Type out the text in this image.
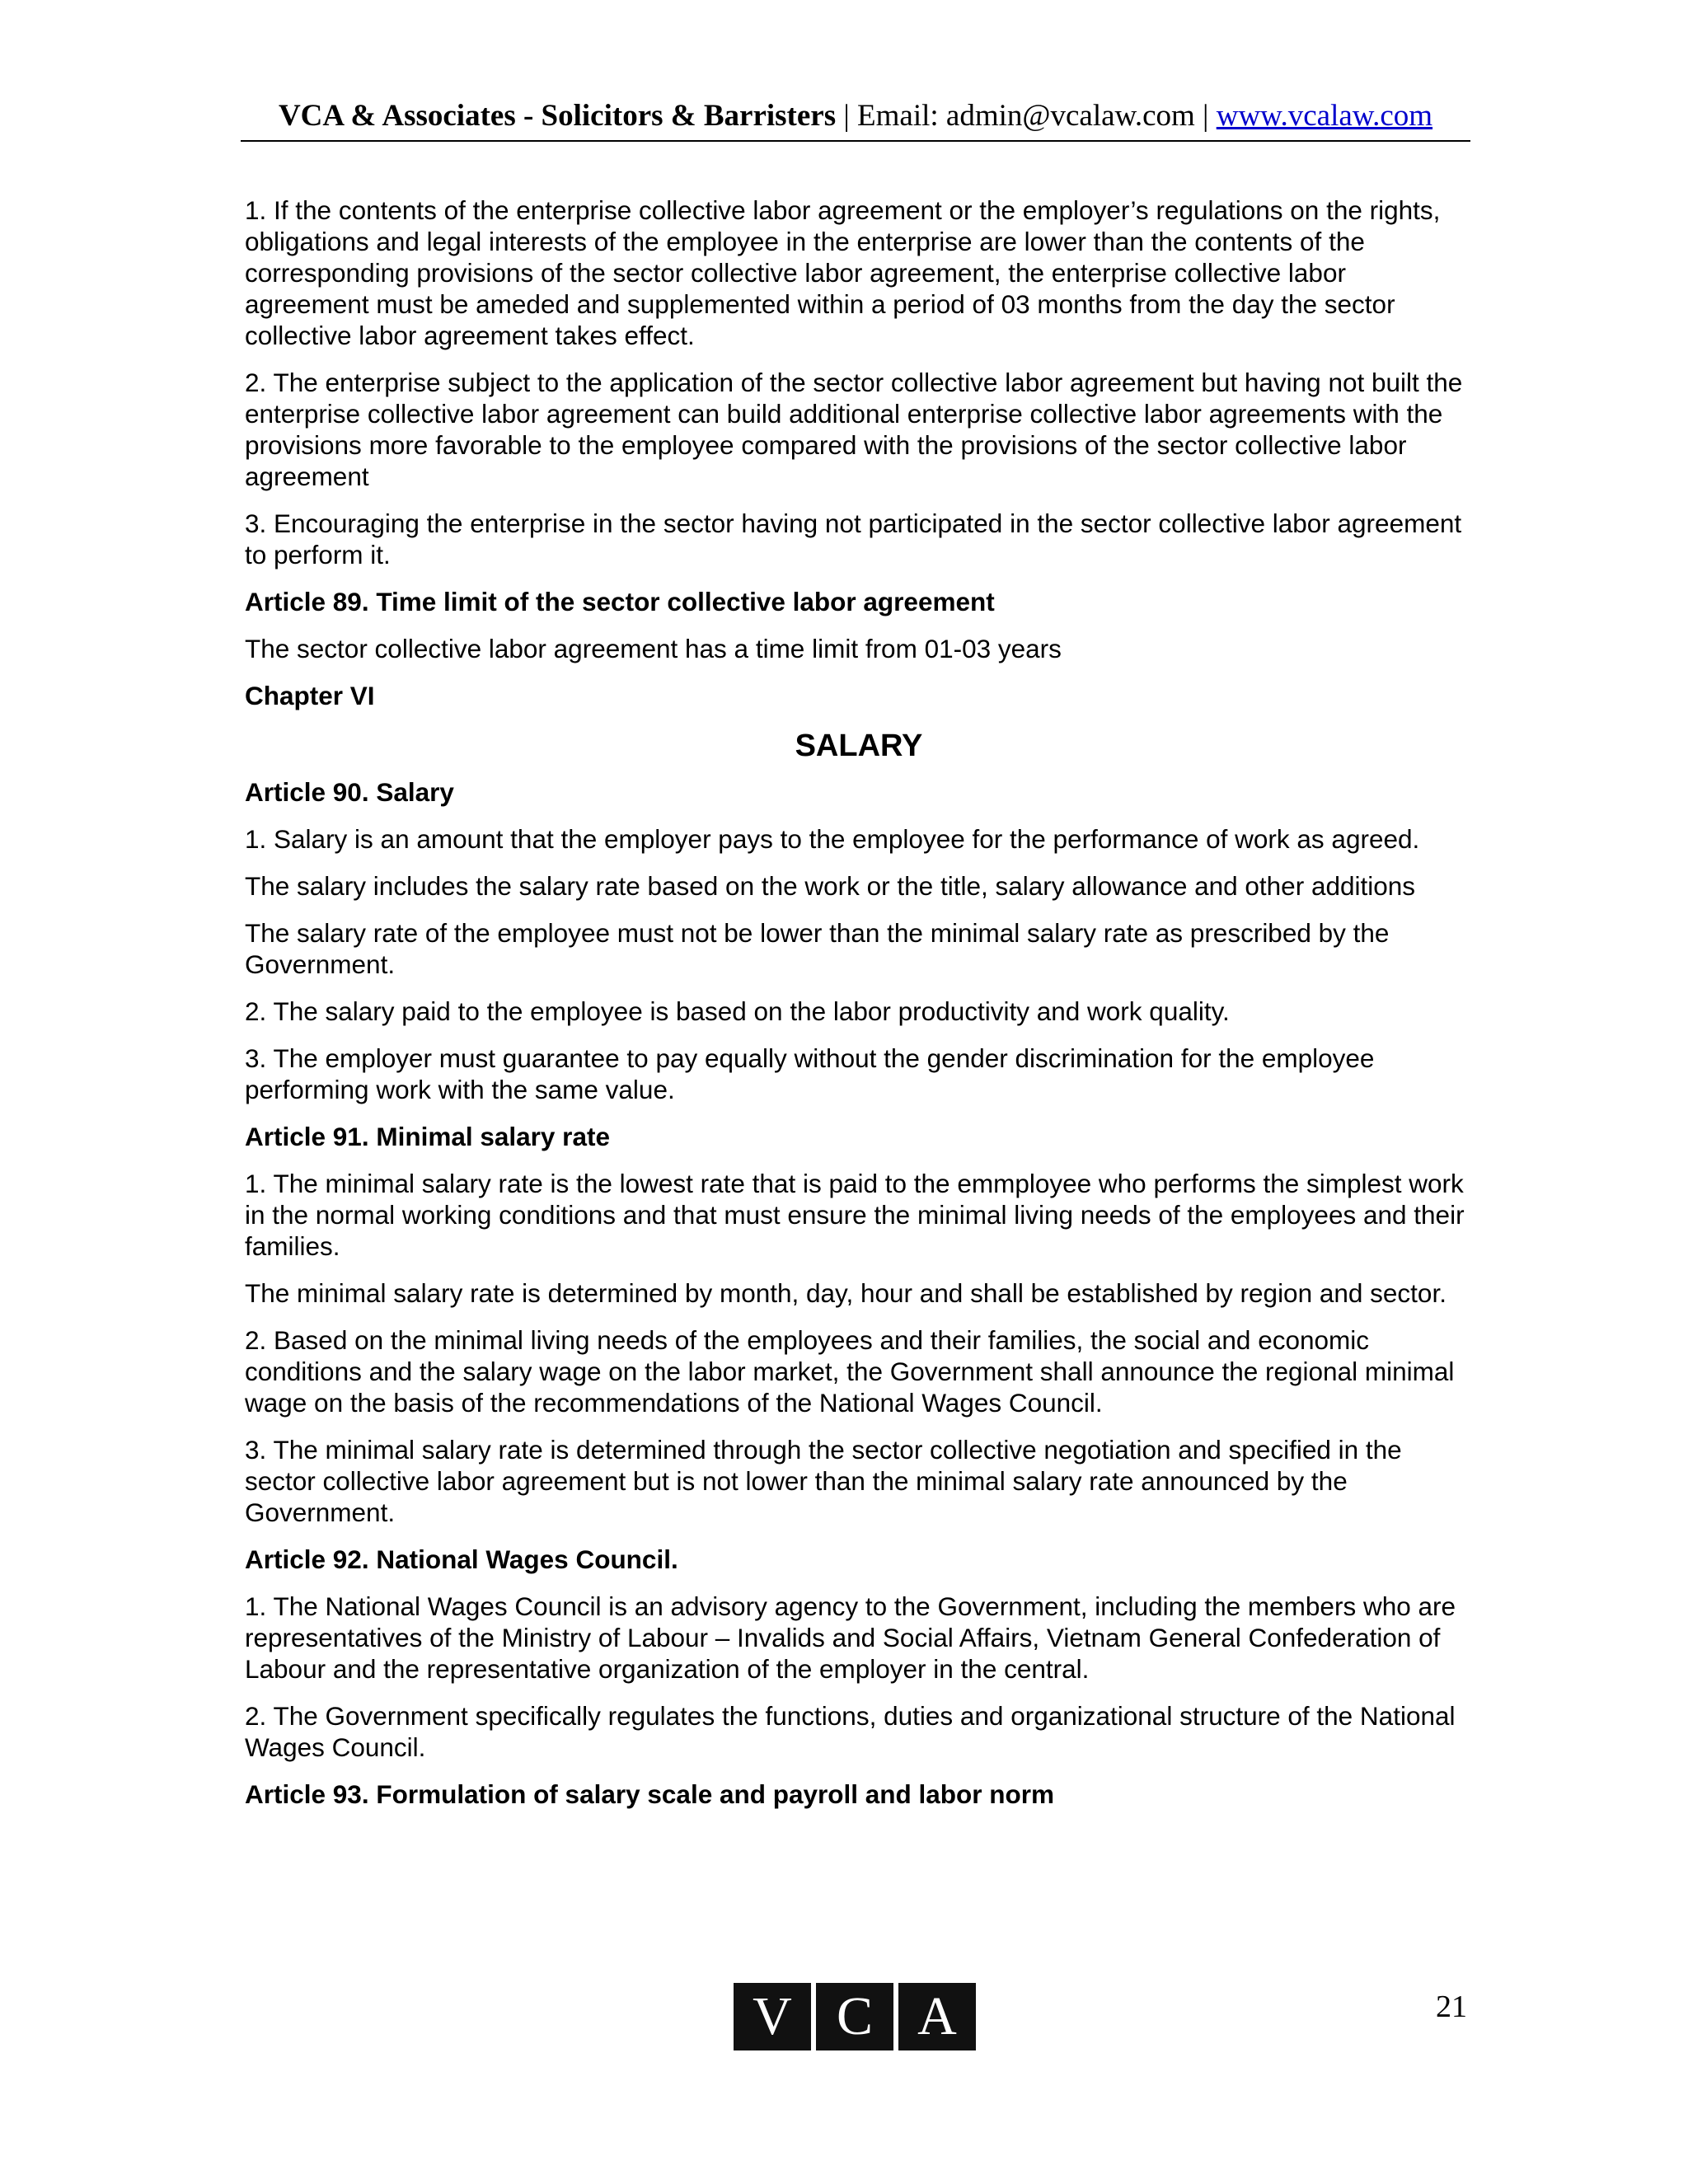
VCA & Associates - Solicitors & Barristers | Email: admin@vcalaw.com | www.vcalaw.com

1. If the contents of the enterprise collective labor agreement or the employer’s regulations on the rights, obligations and legal interests of the employee in the enterprise are lower than the contents of the corresponding provisions of the sector collective labor agreement, the enterprise collective labor agreement must be ameded and supplemented within a period of 03 months from the day the sector collective labor agreement takes effect.

2. The enterprise subject to the application of the sector collective labor agreement but having not built the enterprise collective labor agreement can build additional enterprise collective labor agreements with the provisions more favorable to the employee compared with the provisions of the sector collective labor agreement

3. Encouraging the enterprise in the sector having not participated in the sector collective labor agreement to perform it.

Article 89. Time limit of the sector collective labor agreement

The sector collective labor agreement has a time limit from 01-03 years

Chapter VI

SALARY

Article 90. Salary

1. Salary is an amount that the employer pays to the employee for the performance of work as agreed.

The salary includes the salary rate based on the work or the title, salary allowance and other additions

The salary rate of the employee must not be lower than the minimal salary rate as prescribed by the Government.

2. The salary paid to the employee is based on the labor productivity and work quality.

3. The employer must guarantee to pay equally without the gender discrimination for the employee performing work with the same value.

Article 91. Minimal salary rate

1. The minimal salary rate is the lowest rate that is paid to the emmployee who performs the simplest work in the normal working conditions and that must ensure the minimal living needs of the employees and their families.

The minimal salary rate is determined by month, day, hour and shall be established by region and sector.

2. Based on the minimal living needs of the employees and their families, the social and economic conditions and the salary wage on the labor market, the Government shall announce the regional minimal wage on the basis of the recommendations of the National Wages Council.

3. The minimal salary rate is determined through the sector collective negotiation and specified in the sector collective labor agreement but is not lower than the minimal salary rate announced by the Government.

Article 92. National Wages Council.

1. The National Wages Council is an advisory agency to the Government, including the members who are representatives of the Ministry of Labour – Invalids and Social Affairs, Vietnam General Confederation of Labour and the representative organization of the employer in the central.

2. The Government specifically regulates the functions, duties and organizational structure of the National Wages Council.

Article 93. Formulation of salary scale and payroll and labor norm

V C A	21
